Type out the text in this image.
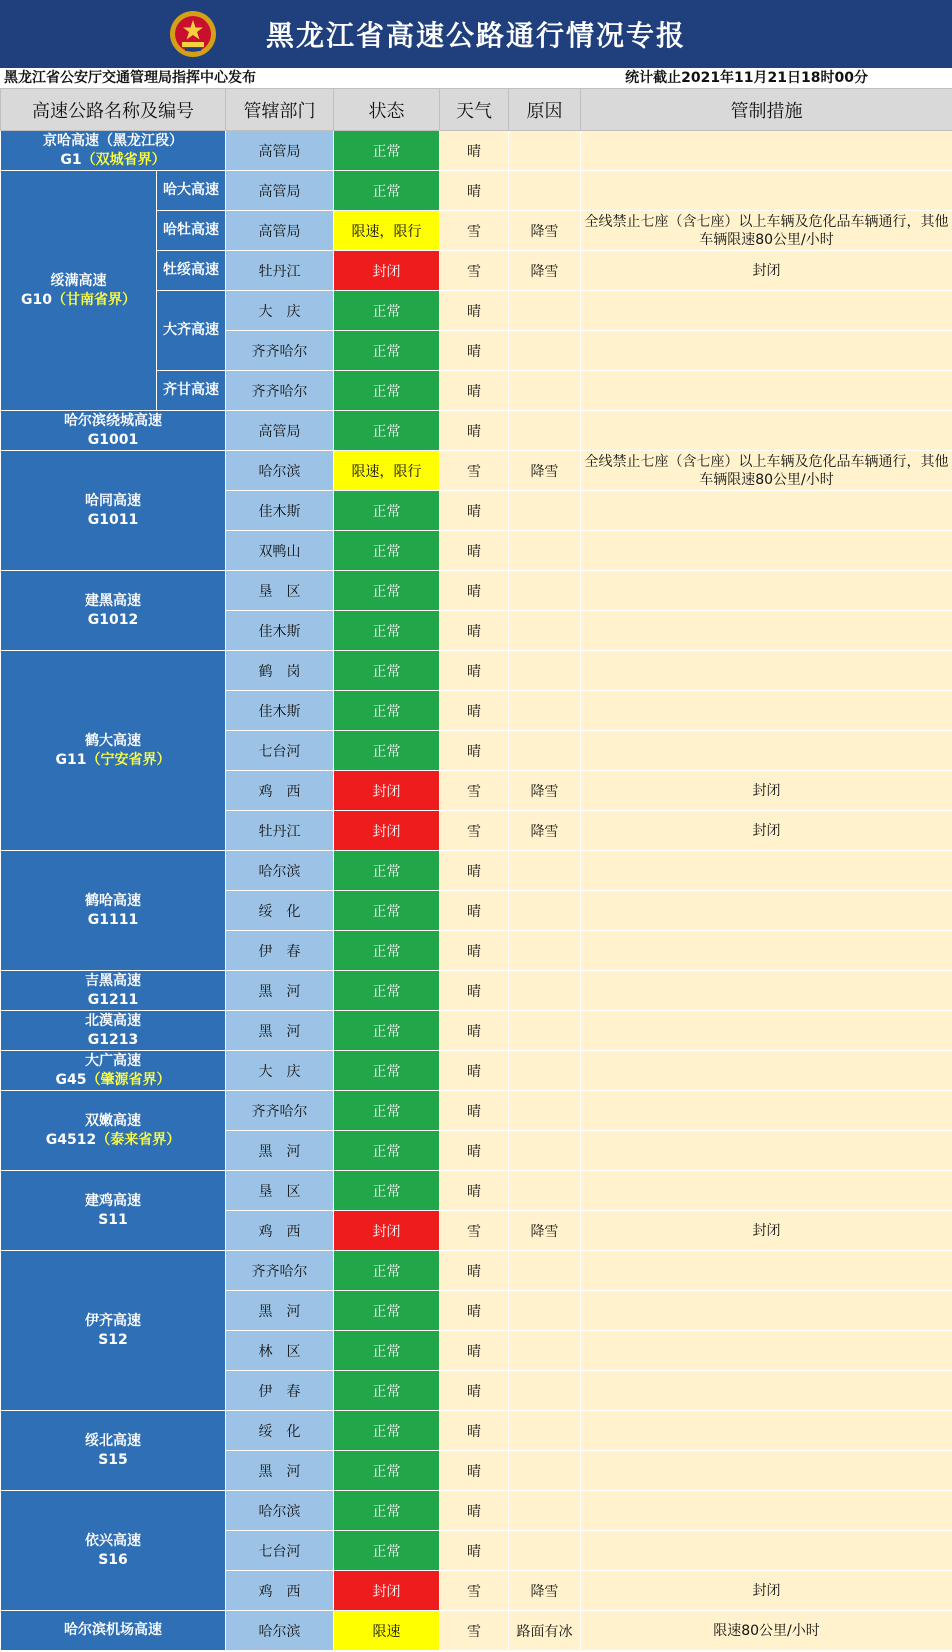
黑龙江省高速公路通行情况专报
黑龙江省公安厅交通管理局指挥中心发布	统计截止2021年11月21日18时00分
高速公路名称及编号		管辖部门	状态	天气	原因	管制措施

京哈高速（黑龙江段）
G1（双城省界）		高管局	正常	晴		

绥满高速
G10（甘南省界）	哈大高速	高管局	正常	晴		
	哈牡高速	高管局	限速，限行	雪	降雪	全线禁止七座（含七座）以上车辆及危化品车辆通行，其他车辆限速80公里/小时
	牡绥高速	牡丹江	封闭	雪	降雪	封闭
	大齐高速	大　庆	正常	晴		
		齐齐哈尔	正常	晴		
	齐甘高速	齐齐哈尔	正常	晴		

哈尔滨绕城高速
G1001		高管局	正常	晴		

哈同高速
G1011		哈尔滨	限速，限行	雪	降雪	全线禁止七座（含七座）以上车辆及危化品车辆通行，其他车辆限速80公里/小时
		佳木斯	正常	晴		
		双鸭山	正常	晴		

建黑高速
G1012		垦　区	正常	晴		
		佳木斯	正常	晴		

鹤大高速
G11（宁安省界）		鹤　岗	正常	晴		
		佳木斯	正常	晴		
		七台河	正常	晴		
		鸡　西	封闭	雪	降雪	封闭
		牡丹江	封闭	雪	降雪	封闭

鹤哈高速
G1111		哈尔滨	正常	晴		
		绥　化	正常	晴		
		伊　春	正常	晴		

吉黑高速
G1211		黑　河	正常	晴		

北漠高速
G1213		黑　河	正常	晴		

大广高速
G45（肇源省界）		大　庆	正常	晴		

双嫩高速
G4512（泰来省界）		齐齐哈尔	正常	晴		
		黑　河	正常	晴		

建鸡高速
S11		垦　区	正常	晴		
		鸡　西	封闭	雪	降雪	封闭

伊齐高速
S12		齐齐哈尔	正常	晴		
		黑　河	正常	晴		
		林　区	正常	晴		
		伊　春	正常	晴		

绥北高速
S15		绥　化	正常	晴		
		黑　河	正常	晴		

依兴高速
S16		哈尔滨	正常	晴		
		七台河	正常	晴		
		鸡　西	封闭	雪	降雪	封闭

哈尔滨机场高速		哈尔滨	限速	雪	路面有冰	限速80公里/小时
